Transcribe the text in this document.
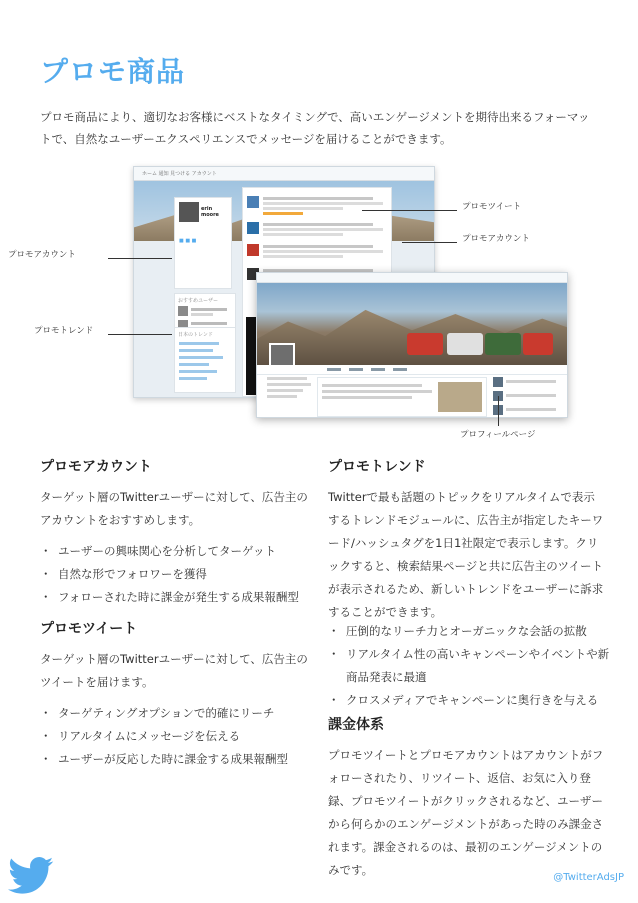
プロモ商品
プロモ商品により、適切なお客様にベストなタイミングで、高いエンゲージメントを期待出来るフォーマットで、自然なユーザーエクスペリエンスでメッセージを届けることができます。
ホーム 通知 見つける アカウント
erin moore
■ ■ ■
おすすめユーザー
日本のトレンド
プロモツイート
プロモアカウント
プロモアカウント
プロモトレンド
プロフィールページ
プロモアカウント
ターゲット層のTwitterユーザーに対して、広告主のアカウントをおすすめします。
・ ユーザーの興味関心を分析してターゲット
・ 自然な形でフォロワーを獲得
・ フォローされた時に課金が発生する成果報酬型
プロモツイート
ターゲット層のTwitterユーザーに対して、広告主のツイートを届けます。
・ ターゲティングオプションで的確にリーチ
・ リアルタイムにメッセージを伝える
・ ユーザーが反応した時に課金する成果報酬型
プロモトレンド
Twitterで最も話題のトピックをリアルタイムで表示するトレンドモジュールに、広告主が指定したキーワード/ハッシュタグを1日1社限定で表示します。クリックすると、検索結果ページと共に広告主のツイートが表示されるため、新しいトレンドをユーザーに訴求することができます。
・ 圧倒的なリーチ力とオーガニックな会話の拡散
・ リアルタイム性の高いキャンペーンやイベントや新商品発表に最適
・ クロスメディアでキャンペーンに奥行きを与える
課金体系
プロモツイートとプロモアカウントはアカウントがフォローされたり、リツイート、返信、お気に入り登録、プロモツイートがクリックされるなど、ユーザーから何らかのエンゲージメントがあった時のみ課金されます。課金されるのは、最初のエンゲージメントのみです。
@TwitterAdsJP
